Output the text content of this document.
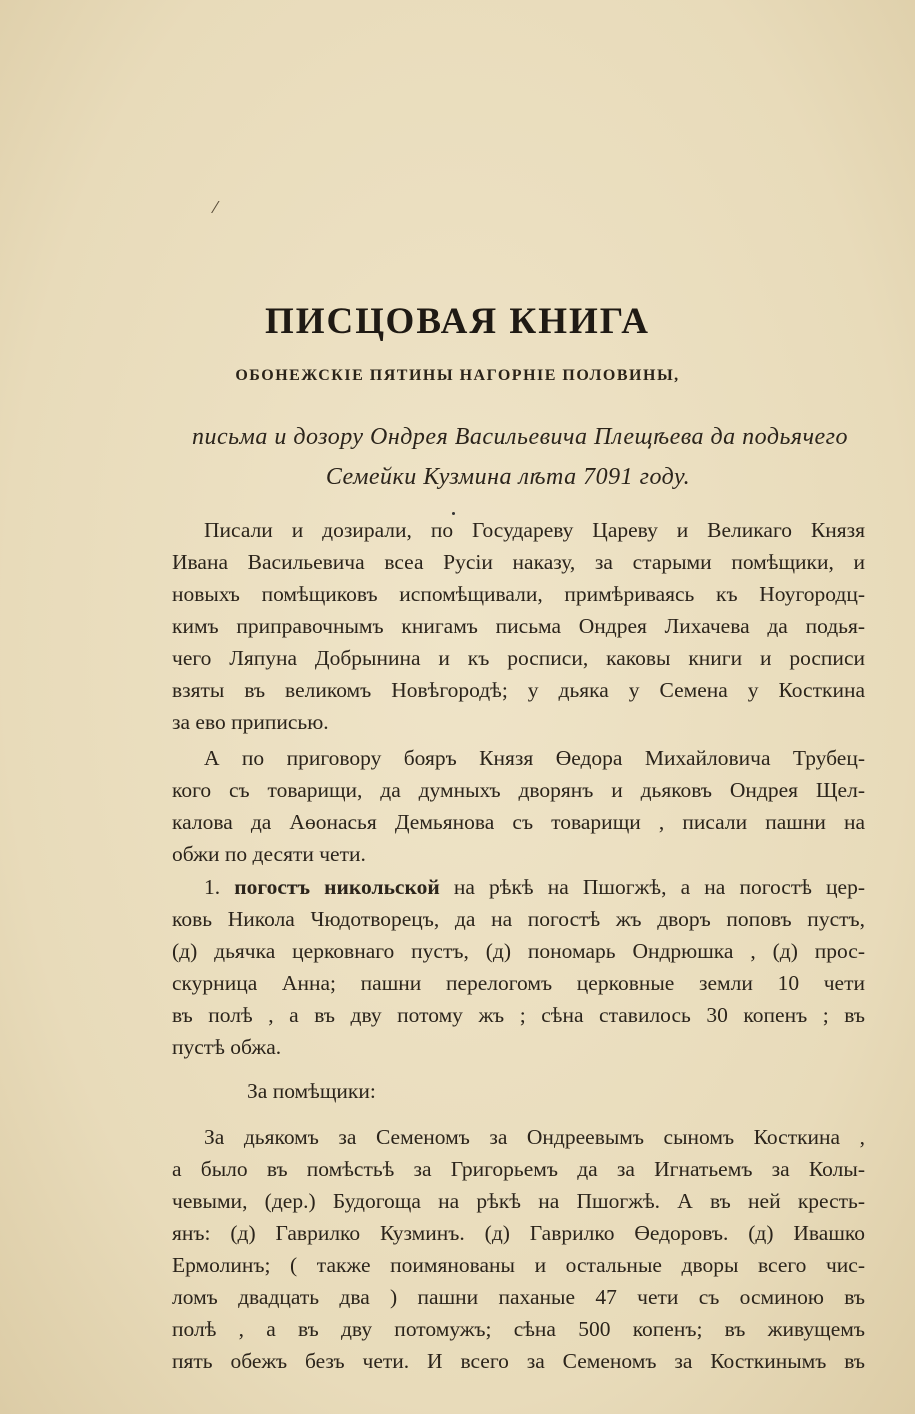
⁄
ПИСЦОВАЯ КНИГА
ОБОНЕЖСКІЕ ПЯТИНЫ НАГОРНІЕ ПОЛОВИНЫ,
письма и дозору Ондрея Васильевича Плещѣева да подьячего
Семейки Кузмина лѣта 7091 году.
Писали и дозирали, по Государеву Цареву и Великаго Князя
Ивана Васильевича всеа Русіи наказу, за старыми помѣщики, и
новыхъ помѣщиковъ испомѣщивали, примѣриваясь къ Ноугородц-
кимъ приправочнымъ книгамъ письма Ондрея Лихачева да подья-
чего Ляпуна Добрынина и къ росписи, каковы книги и росписи
взяты въ великомъ Новѣгородѣ; у дьяка у Семена у Косткина
за ево приписью.
А по приговору бояръ Князя Өедора Михайловича Трубец-
кого съ товарищи, да думныхъ дворянъ и дьяковъ Ондрея Щел-
калова да Аөонасья Демьянова съ товарищи , писали пашни на
обжи по десяти чети.
1. погостъ никольской на рѣкѣ на Пшогжѣ, а на погостѣ цер-
ковь Никола Чюдотворецъ, да на погостѣ жъ дворъ поповъ пустъ,
(д) дьячка церковнаго пустъ, (д) пономарь Ондрюшка , (д) прос-
скурница Анна; пашни перелогомъ церковные земли 10 чети
въ полѣ , а въ дву потому жъ ; сѣна ставилось 30 копенъ ; въ
пустѣ обжа.
За помѣщики:
За дьякомъ за Семеномъ за Ондреевымъ сыномъ Косткина ,
а было въ помѣстьѣ за Григорьемъ да за Игнатьемъ за Колы-
чевыми, (дер.) Будогоща на рѣкѣ на Пшогжѣ. А въ ней кресть-
янъ: (д) Гаврилко Кузминъ. (д) Гаврилко Өедоровъ. (д) Ивашко
Ермолинъ; ( также поимянованы и остальные дворы всего чис-
ломъ двадцать два ) пашни паханые 47 чети съ осминою въ
полѣ , а въ дву потомужъ; сѣна 500 копенъ; въ живущемъ
пять обежъ безъ чети. И всего за Семеномъ за Косткинымъ въ
